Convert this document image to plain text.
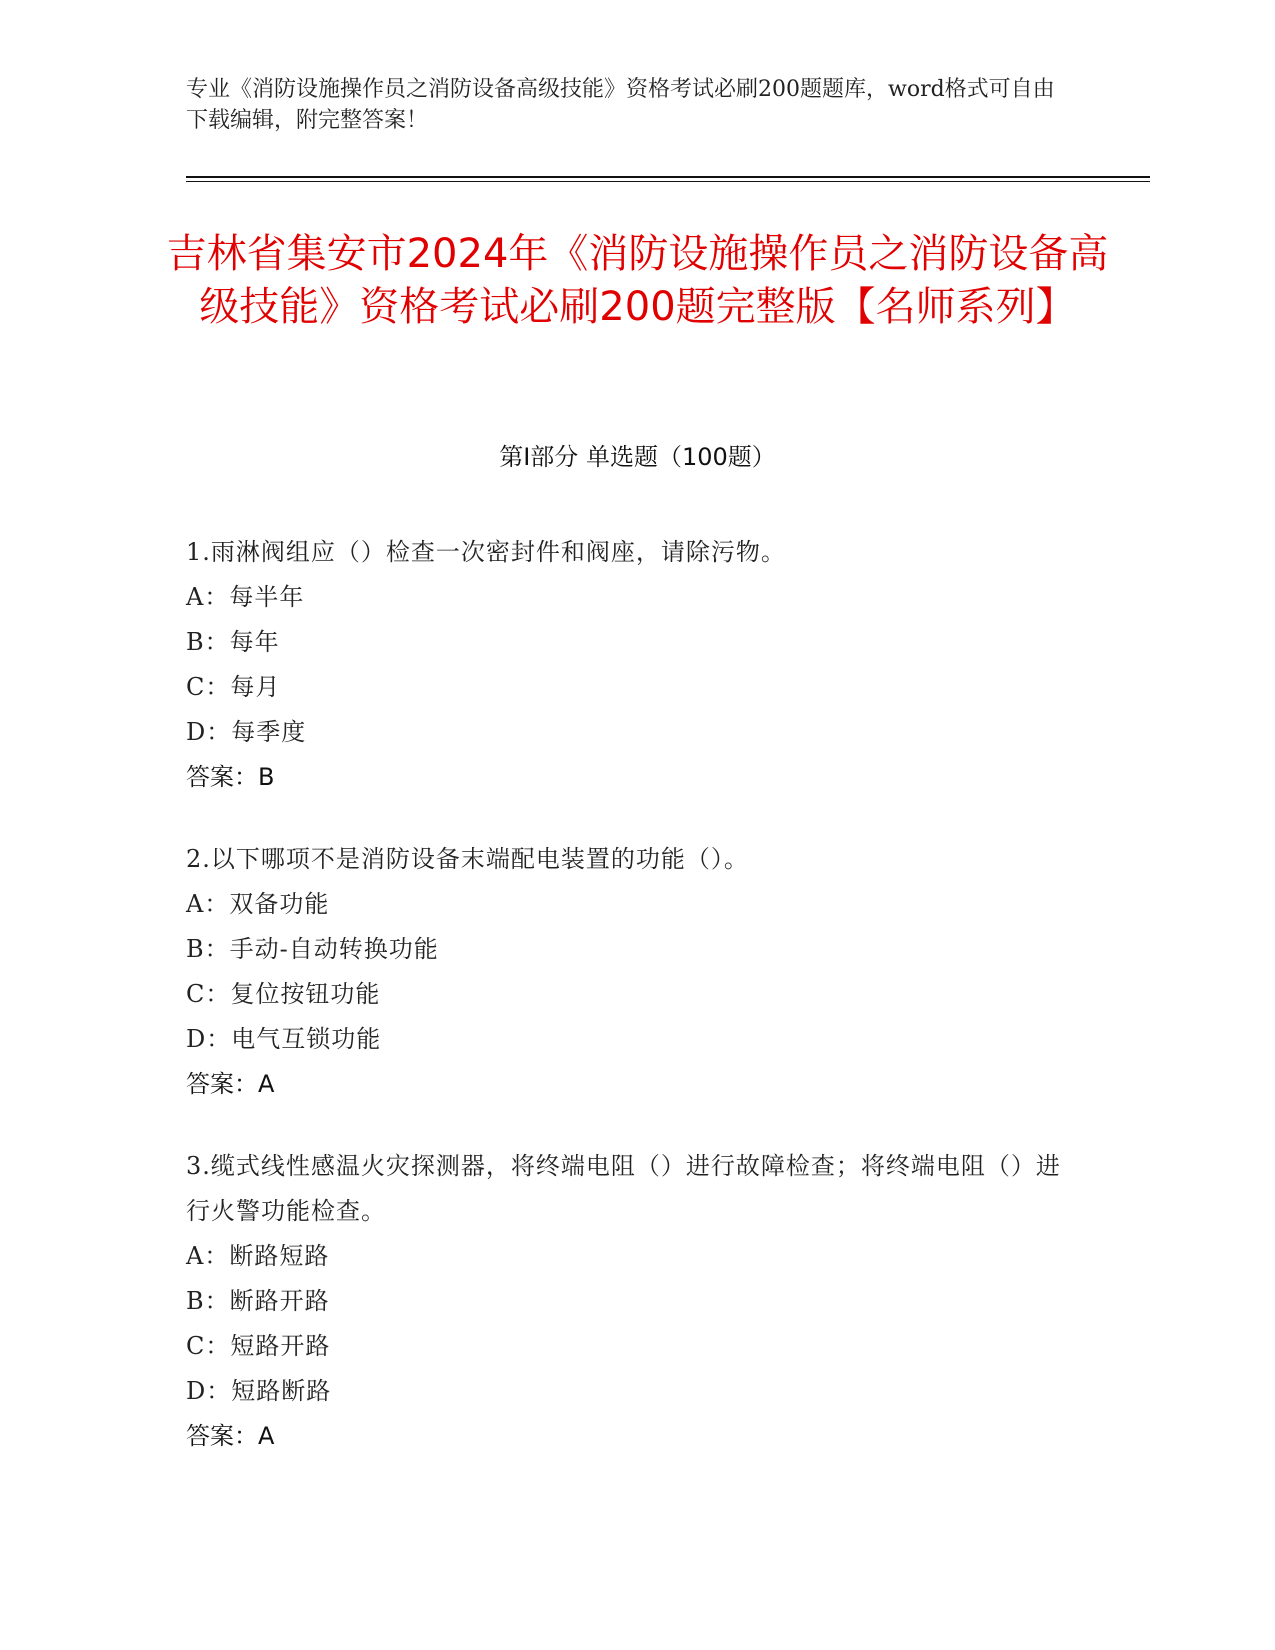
专业《消防设施操作员之消防设备高级技能》资格考试必刷200题题库，word格式可自由下载编辑，附完整答案！
吉林省集安市2024年《消防设施操作员之消防设备高级技能》资格考试必刷200题完整版【名师系列】
第I部分 单选题（100题）
1.雨淋阀组应（）检查一次密封件和阀座，请除污物。
A：每半年
B：每年
C：每月
D：每季度
答案：B
2.以下哪项不是消防设备末端配电装置的功能（）。
A：双备功能
B：手动-自动转换功能
C：复位按钮功能
D：电气互锁功能
答案：A
3.缆式线性感温火灾探测器，将终端电阻（）进行故障检查；将终端电阻（）进行火警功能检查。
A：断路短路
B：断路开路
C：短路开路
D：短路断路
答案：A
